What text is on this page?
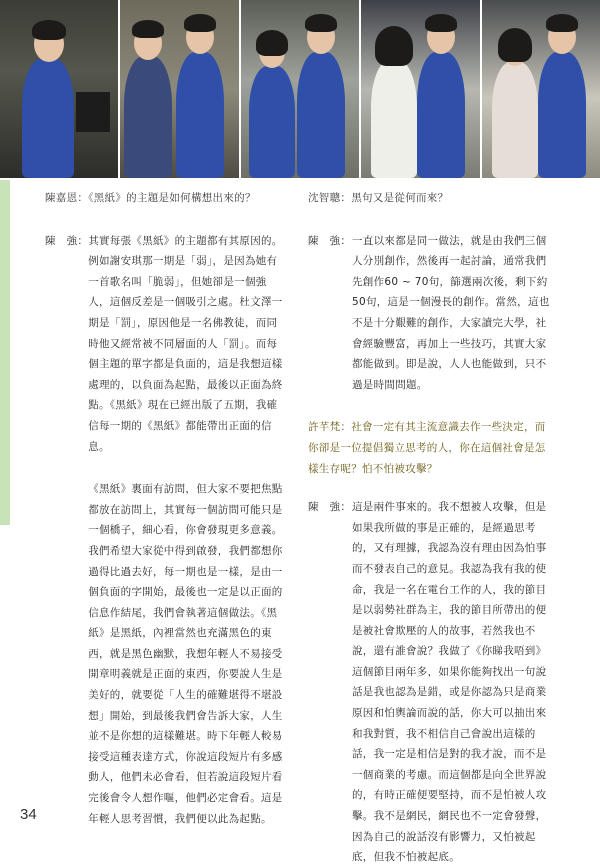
陳嘉恩：《黑紙》的主題是如何構想出來的？
陳　強： 其實每張《黑紙》的主題都有其原因的。例如謝安琪那一期是「弱」，是因為她有一首歌名叫「脆弱」，但她卻是一個強人，這個反差是一個吸引之處。杜文澤一期是「罰」，原因他是一名佛教徒，而同時他又經常被不同層面的人「罰」。而每個主題的單字都是負面的，這是我想這樣處理的，以負面為起點，最後以正面為終點。《黑紙》現在已經出版了五期，我確信每一期的《黑紙》都能帶出正面的信息。

《黑紙》裏面有訪問，但大家不要把焦點都放在訪問上，其實每一個訪問可能只是一個橋子，細心看，你會發現更多意義。我們希望大家從中得到啟發，我們都想你過得比過去好，每一期也是一樣，是由一個負面的字開始，最後也一定是以正面的信息作結尾，我們會執著這個做法。《黑紙》是黑紙，內裡當然也充滿黑色的東西，就是黑色幽默，我想年輕人不易接受開章明義就是正面的東西，你要說人生是美好的，就要從「人生的確難堪得不堪設想」開始，到最後我們會告訴大家，人生並不是你想的這樣難堪。時下年輕人較易接受這種表達方式，你說這段短片有多感動人，他們未必會看，但若說這段短片看完後會令人想作嘔，他們必定會看。這是年輕人思考習慣，我們便以此為起點。

沈智聰：黑句又是從何而來？
陳　強： 一直以來都是同一做法，就是由我們三個人分別創作，然後再一起討論，通常我們先創作60 ~ 70句，篩選兩次後，剩下約50句，這是一個漫長的創作。當然，這也不是十分艱難的創作，大家讀完大學，社會經驗豐富，再加上一些技巧，其實大家都能做到。即是說，人人也能做到，只不過是時間問題。
許芊梵：社會一定有其主流意識去作一些決定，而你卻是一位提倡獨立思考的人，你在這個社會是怎樣生存呢？怕不怕被攻擊？
陳　強： 這是兩件事來的。我不想被人攻擊，但是如果我所做的事是正確的，是經過思考的，又有理據，我認為沒有理由因為怕事而不發表自己的意見。我認為我有我的使命，我是一名在電台工作的人，我的節目是以弱勢社群為主，我的節目所帶出的便是被社會欺壓的人的故事，若然我也不說，還有誰會說？我做了《你睇我唔到》這個節目兩年多，如果你能夠找出一句說話是我也認為是錯，或是你認為只是商業原因和怕輿論而說的話，你大可以抽出來和我對質，我不相信自己會說出這樣的話，我一定是相信是對的我才說，而不是一個商業的考慮。而這個都是向全世界說的，有時正確便要堅持，而不是怕被人攻擊。我不是網民，網民也不一定會發聲，因為自己的說話沒有影響力，又怕被起底，但我不怕被起底。
34
